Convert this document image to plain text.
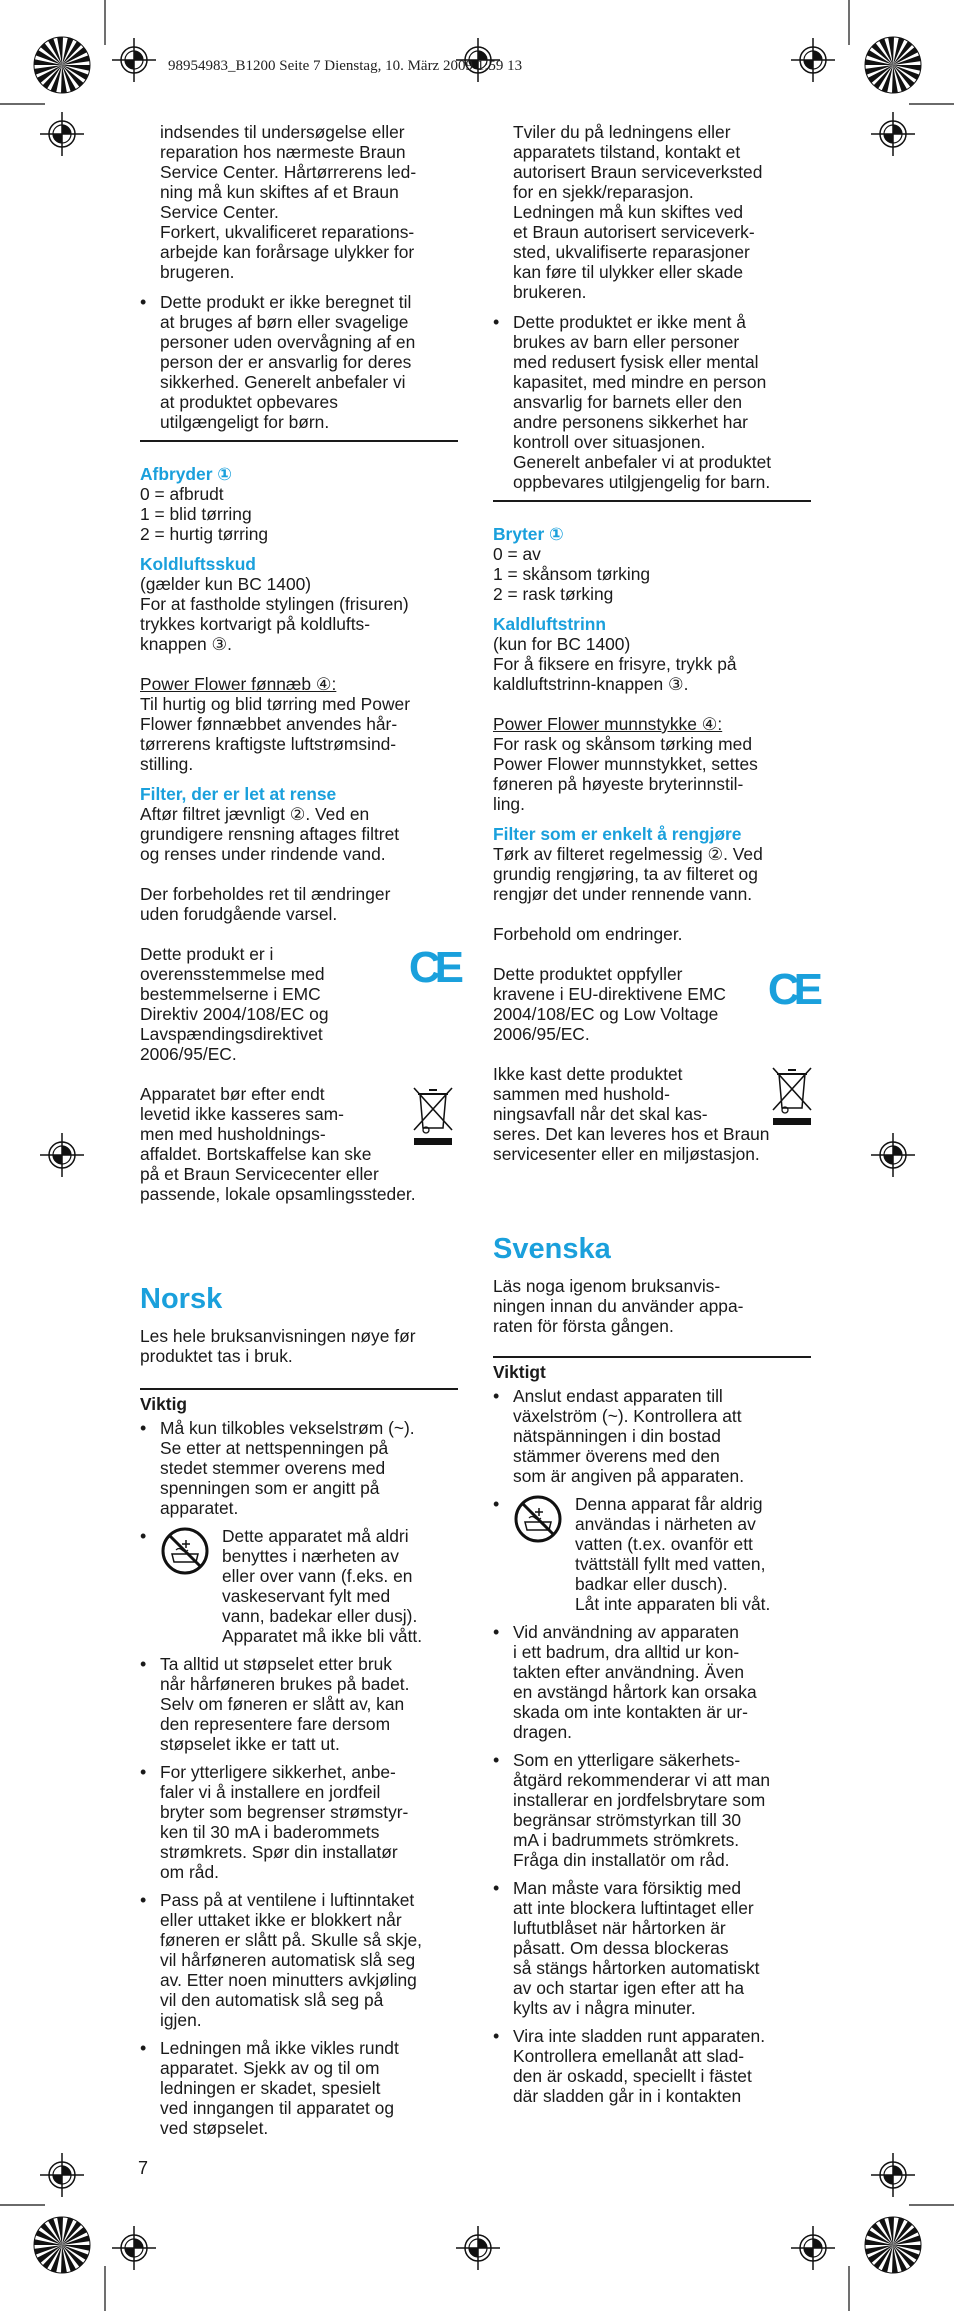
98954983_B1200 Seite 7 Dienstag, 10. März 2009 1:59 13
indsendes til undersøgelse eller
reparation hos nærmeste Braun
Service Center. Hårtørrerens led-
ning må kun skiftes af et Braun
Service Center.
Forkert, ukvalificeret reparations-
arbejde kan forårsage ulykker for
brugeren.
• Dette produkt er ikke beregnet til
at bruges af børn eller svagelige
personer uden overvågning af en
person der er ansvarlig for deres
sikkerhed. Generelt anbefaler vi
at produktet opbevares
utilgængeligt for børn.
Afbryder ①
0 = afbrudt
1 = blid tørring
2 = hurtig tørring
Koldluftsskud
(gælder kun BC 1400)
For at fastholde stylingen (frisuren)
trykkes kortvarigt på koldlufts-
knappen ③.
Power Flower fønnæb ④:
Til hurtig og blid tørring med Power
Flower fønnæbbet anvendes hår-
tørrerens kraftigste luftstrømsind-
stilling.
Filter, der er let at rense
Aftør filtret jævnligt ②. Ved en
grundigere rensning aftages filtret
og renses under rindende vand.
Der forbeholdes ret til ændringer
uden forudgående varsel.
Dette produkt er i
overensstemmelse med
bestemmelserne i EMC
Direktiv 2004/108/EC og
Lavspændingsdirektivet
2006/95/EC.
CE
Apparatet bør efter endt
levetid ikke kasseres sam-
men med husholdnings-
affaldet. Bortskaffelse kan ske
på et Braun Servicecenter eller
passende, lokale opsamlingssteder.
Norsk
Les hele bruksanvisningen nøye før
produktet tas i bruk.
Viktig
• Må kun tilkobles vekselstrøm (~).
Se etter at nettspenningen på
stedet stemmer overens med
spenningen som er angitt på
apparatet.
• Dette apparatet må aldri
benyttes i nærheten av
eller over vann (f.eks. en
vaskeservant fylt med
vann, badekar eller dusj).
Apparatet må ikke bli vått.
• Ta alltid ut støpselet etter bruk
når hårføneren brukes på badet.
Selv om føneren er slått av, kan
den representere fare dersom
støpselet ikke er tatt ut.
• For ytterligere sikkerhet, anbe-
faler vi å installere en jordfeil
bryter som begrenser strømstyr-
ken til 30 mA i baderommets
strømkrets. Spør din installatør
om råd.
• Pass på at ventilene i luftinntaket
eller uttaket ikke er blokkert når
føneren er slått på. Skulle så skje,
vil hårføneren automatisk slå seg
av. Etter noen minutters avkjøling
vil den automatisk slå seg på
igjen.
• Ledningen må ikke vikles rundt
apparatet. Sjekk av og til om
ledningen er skadet, spesielt
ved inngangen til apparatet og
ved støpselet.
Tviler du på ledningens eller
apparatets tilstand, kontakt et
autorisert Braun serviceverksted
for en sjekk/reparasjon.
Ledningen må kun skiftes ved
et Braun autorisert serviceverk-
sted, ukvalifiserte reparasjoner
kan føre til ulykker eller skade
brukeren.
• Dette produktet er ikke ment å
brukes av barn eller personer
med redusert fysisk eller mental
kapasitet, med mindre en person
ansvarlig for barnets eller den
andre personens sikkerhet har
kontroll over situasjonen.
Generelt anbefaler vi at produktet
oppbevares utilgjengelig for barn.
Bryter ①
0 = av
1 = skånsom tørking
2 = rask tørking
Kaldluftstrinn
(kun for BC 1400)
For å fiksere en frisyre, trykk på
kaldluftstrinn-knappen ③.
Power Flower munnstykke ④:
For rask og skånsom tørking med
Power Flower munnstykket, settes
føneren på høyeste bryterinnstil-
ling.
Filter som er enkelt å rengjøre
Tørk av filteret regelmessig ②. Ved
grundig rengjøring, ta av filteret og
rengjør det under rennende vann.
Forbehold om endringer.
Dette produktet oppfyller
kravene i EU-direktivene EMC
2004/108/EC og Low Voltage
2006/95/EC.
CE
Ikke kast dette produktet
sammen med hushold-
ningsavfall når det skal kas-
seres. Det kan leveres hos et Braun
servicesenter eller en miljøstasjon.
Svenska
Läs noga igenom bruksanvis-
ningen innan du använder appa-
raten för första gången.
Viktigt
• Anslut endast apparaten till
växelström (~). Kontrollera att
nätspänningen i din bostad
stämmer överens med den
som är angiven på apparaten.
• Denna apparat får aldrig
användas i närheten av
vatten (t.ex. ovanför ett
tvättställ fyllt med vatten,
badkar eller dusch).
Låt inte apparaten bli våt.
• Vid användning av apparaten
i ett badrum, dra alltid ur kon-
takten efter användning. Även
en avstängd hårtork kan orsaka
skada om inte kontakten är ur-
dragen.
• Som en ytterligare säkerhets-
åtgärd rekommenderar vi att man
installerar en jordfelsbrytare som
begränsar strömstyrkan till 30
mA i badrummets strömkrets.
Fråga din installatör om råd.
• Man måste vara försiktig med
att inte blockera luftintaget eller
luftutblåset när hårtorken är
påsatt. Om dessa blockeras
så stängs hårtorken automatiskt
av och startar igen efter att ha
kylts av i några minuter.
• Vira inte sladden runt apparaten.
Kontrollera emellanåt att slad-
den är oskadd, speciellt i fästet
där sladden går in i kontakten
7
